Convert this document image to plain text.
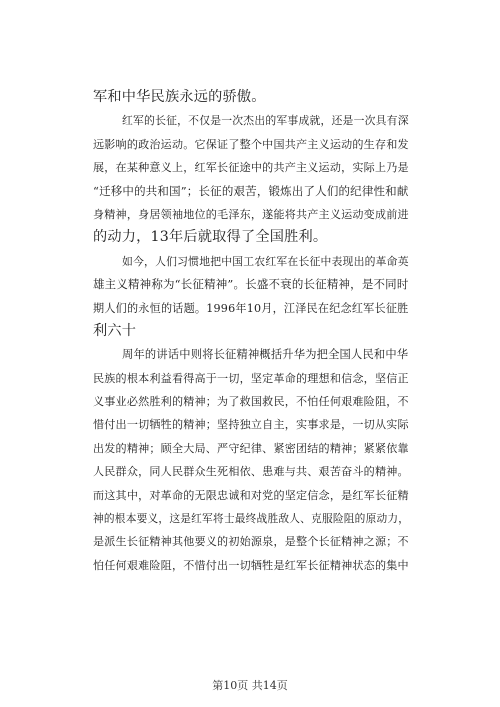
军和中华民族永远的骄傲。
红军的长征，不仅是一次杰出的军事成就，还是一次具有深
远影响的政治运动。它保证了整个中国共产主义运动的生存和发
展，在某种意义上，红军长征途中的共产主义运动，实际上乃是
“迁移中的共和国”；长征的艰苦，锻炼出了人们的纪律性和献
身精神，身居领袖地位的毛泽东，遂能将共产主义运动变成前进
的动力，13年后就取得了全国胜利。
如今，人们习惯地把中国工农红军在长征中表现出的革命英
雄主义精神称为“长征精神”。长盛不衰的长征精神，是不同时
期人们的永恒的话题。1996年10月，江泽民在纪念红军长征胜
利六十
周年的讲话中则将长征精神概括升华为把全国人民和中华
民族的根本利益看得高于一切，坚定革命的理想和信念，坚信正
义事业必然胜利的精神；为了救国救民，不怕任何艰难险阻，不
惜付出一切牺牲的精神；坚持独立自主，实事求是，一切从实际
出发的精神；顾全大局、严守纪律、紧密团结的精神；紧紧依靠
人民群众，同人民群众生死相依、患难与共、艰苦奋斗的精神。
而这其中，对革命的无限忠诚和对党的坚定信念，是红军长征精
神的根本要义，这是红军将士最终战胜敌人、克服险阻的原动力，
是派生长征精神其他要义的初始源泉，是整个长征精神之源；不
怕任何艰难险阻，不惜付出一切牺牲是红军长征精神状态的集中
第10页 共14页
